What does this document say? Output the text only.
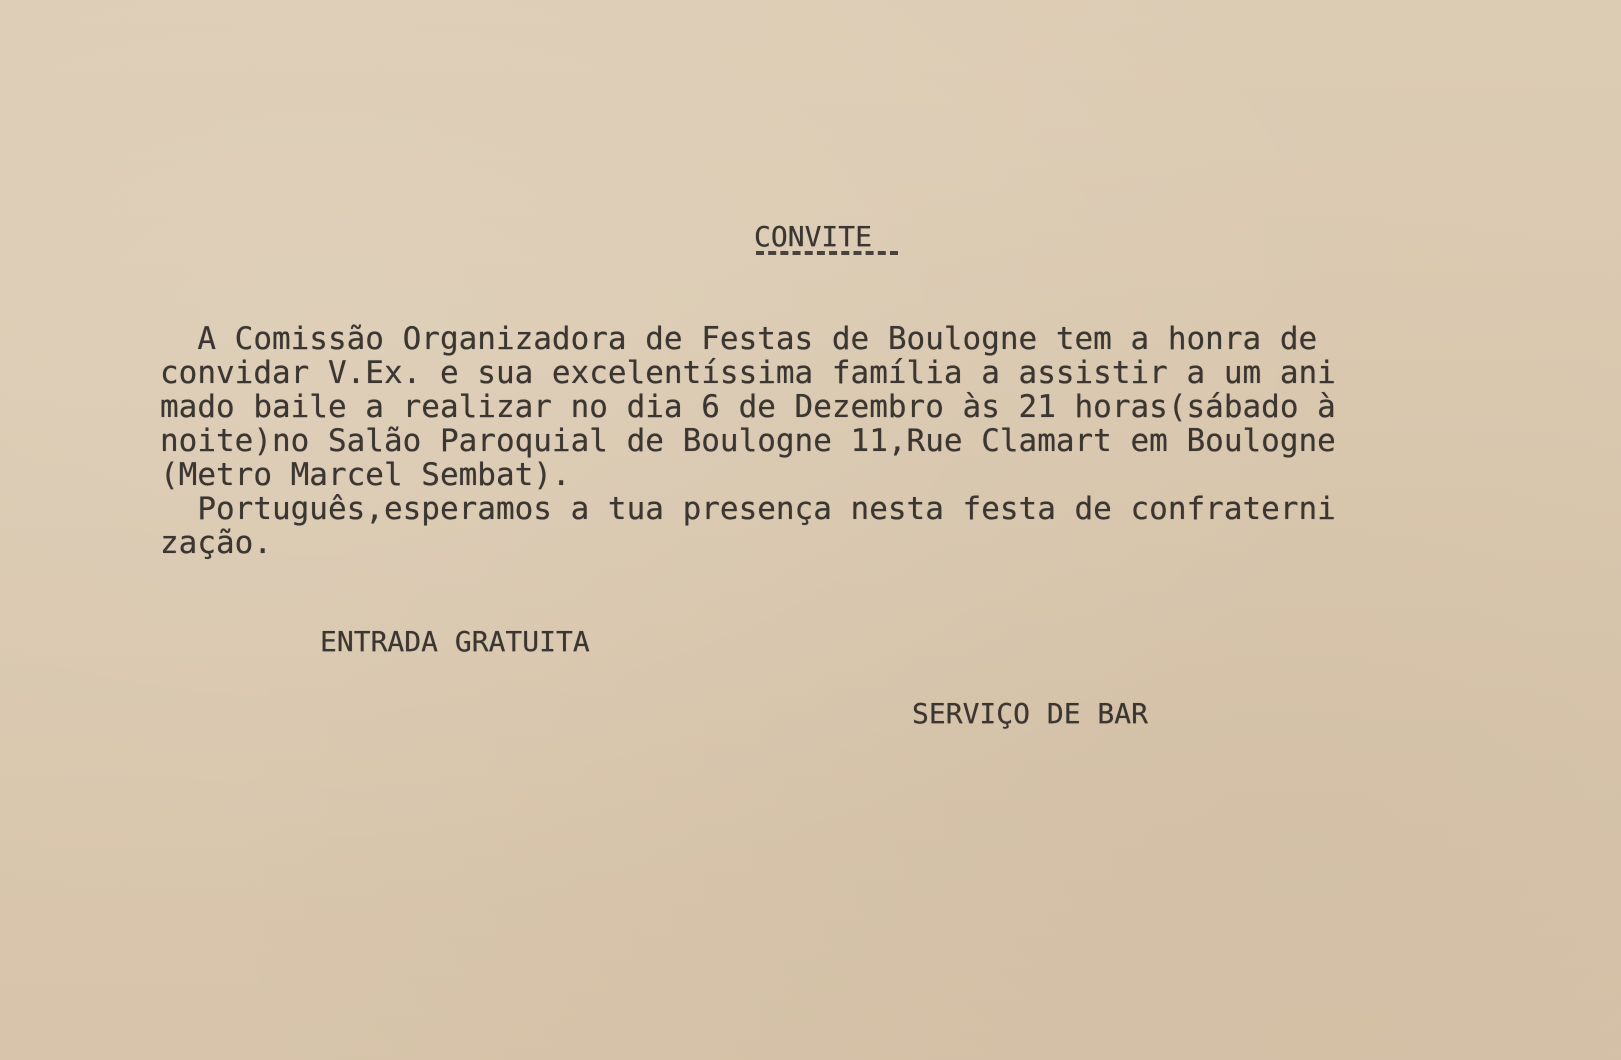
CONVITE
A Comissão Organizadora de Festas de Boulogne tem a honra de
convidar V.Ex. e sua excelentíssima família a assistir a um ani
mado baile a realizar no dia 6 de Dezembro às 21 horas(sábado à
noite)no Salão Paroquial de Boulogne 11,Rue Clamart em Boulogne
(Metro Marcel Sembat).
Português,esperamos a tua presença nesta festa de confraterni
zação.
ENTRADA GRATUITA
SERVIÇO DE BAR
